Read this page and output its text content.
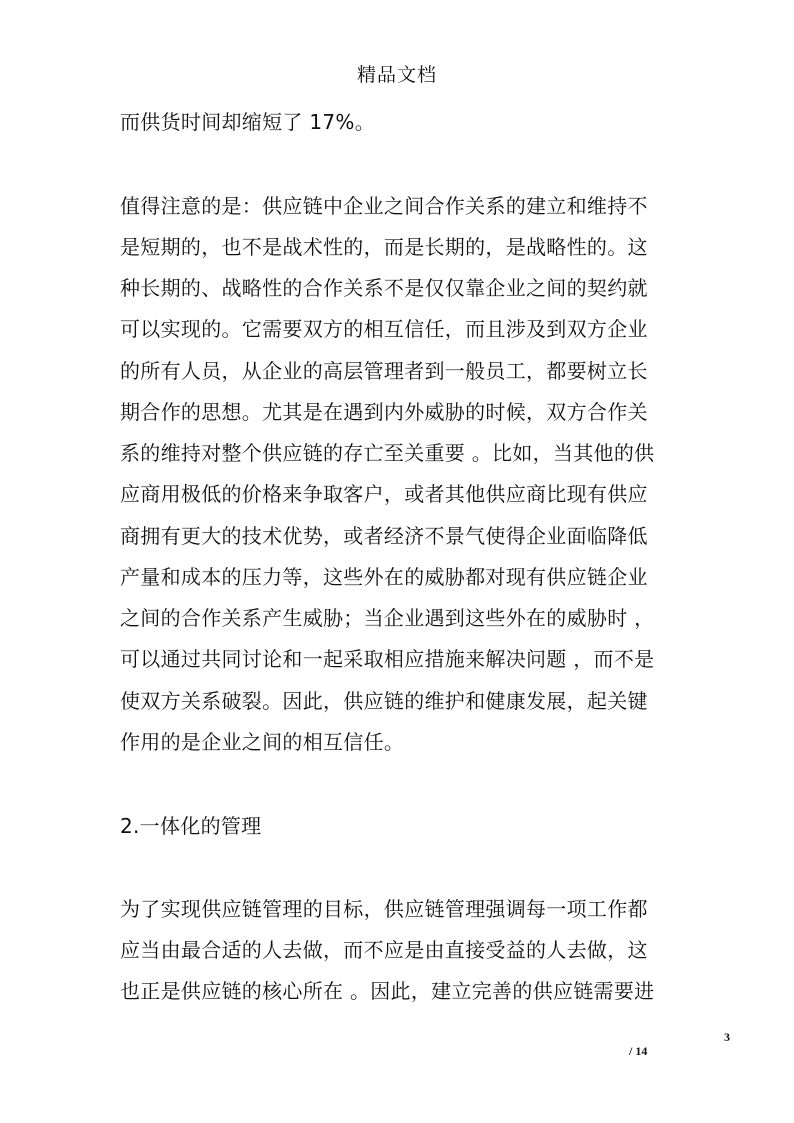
精品文档
而供货时间却缩短了 17%。
值得注意的是：供应链中企业之间合作关系的建立和维持不
是短期的，也不是战术性的，而是长期的，是战略性的。这
种长期的、战略性的合作关系不是仅仅靠企业之间的契约就
可以实现的。它需要双方的相互信任，而且涉及到双方企业
的所有人员，从企业的高层管理者到一般员工，都要树立长
期合作的思想。尤其是在遇到内外威胁的时候，双方合作关
系的维持对整个供应链的存亡至关重要 。比如，当其他的供
应商用极低的价格来争取客户，或者其他供应商比现有供应
商拥有更大的技术优势，或者经济不景气使得企业面临降低
产量和成本的压力等，这些外在的威胁都对现有供应链企业
之间的合作关系产生威胁；当企业遇到这些外在的威胁时 ，
可以通过共同讨论和一起采取相应措施来解决问题 ，而不是
使双方关系破裂。因此，供应链的维护和健康发展，起关键
作用的是企业之间的相互信任。
2.一体化的管理
为了实现供应链管理的目标，供应链管理强调每一项工作都
应当由最合适的人去做，而不应是由直接受益的人去做，这
也正是供应链的核心所在 。因此，建立完善的供应链需要进
3
/ 14
